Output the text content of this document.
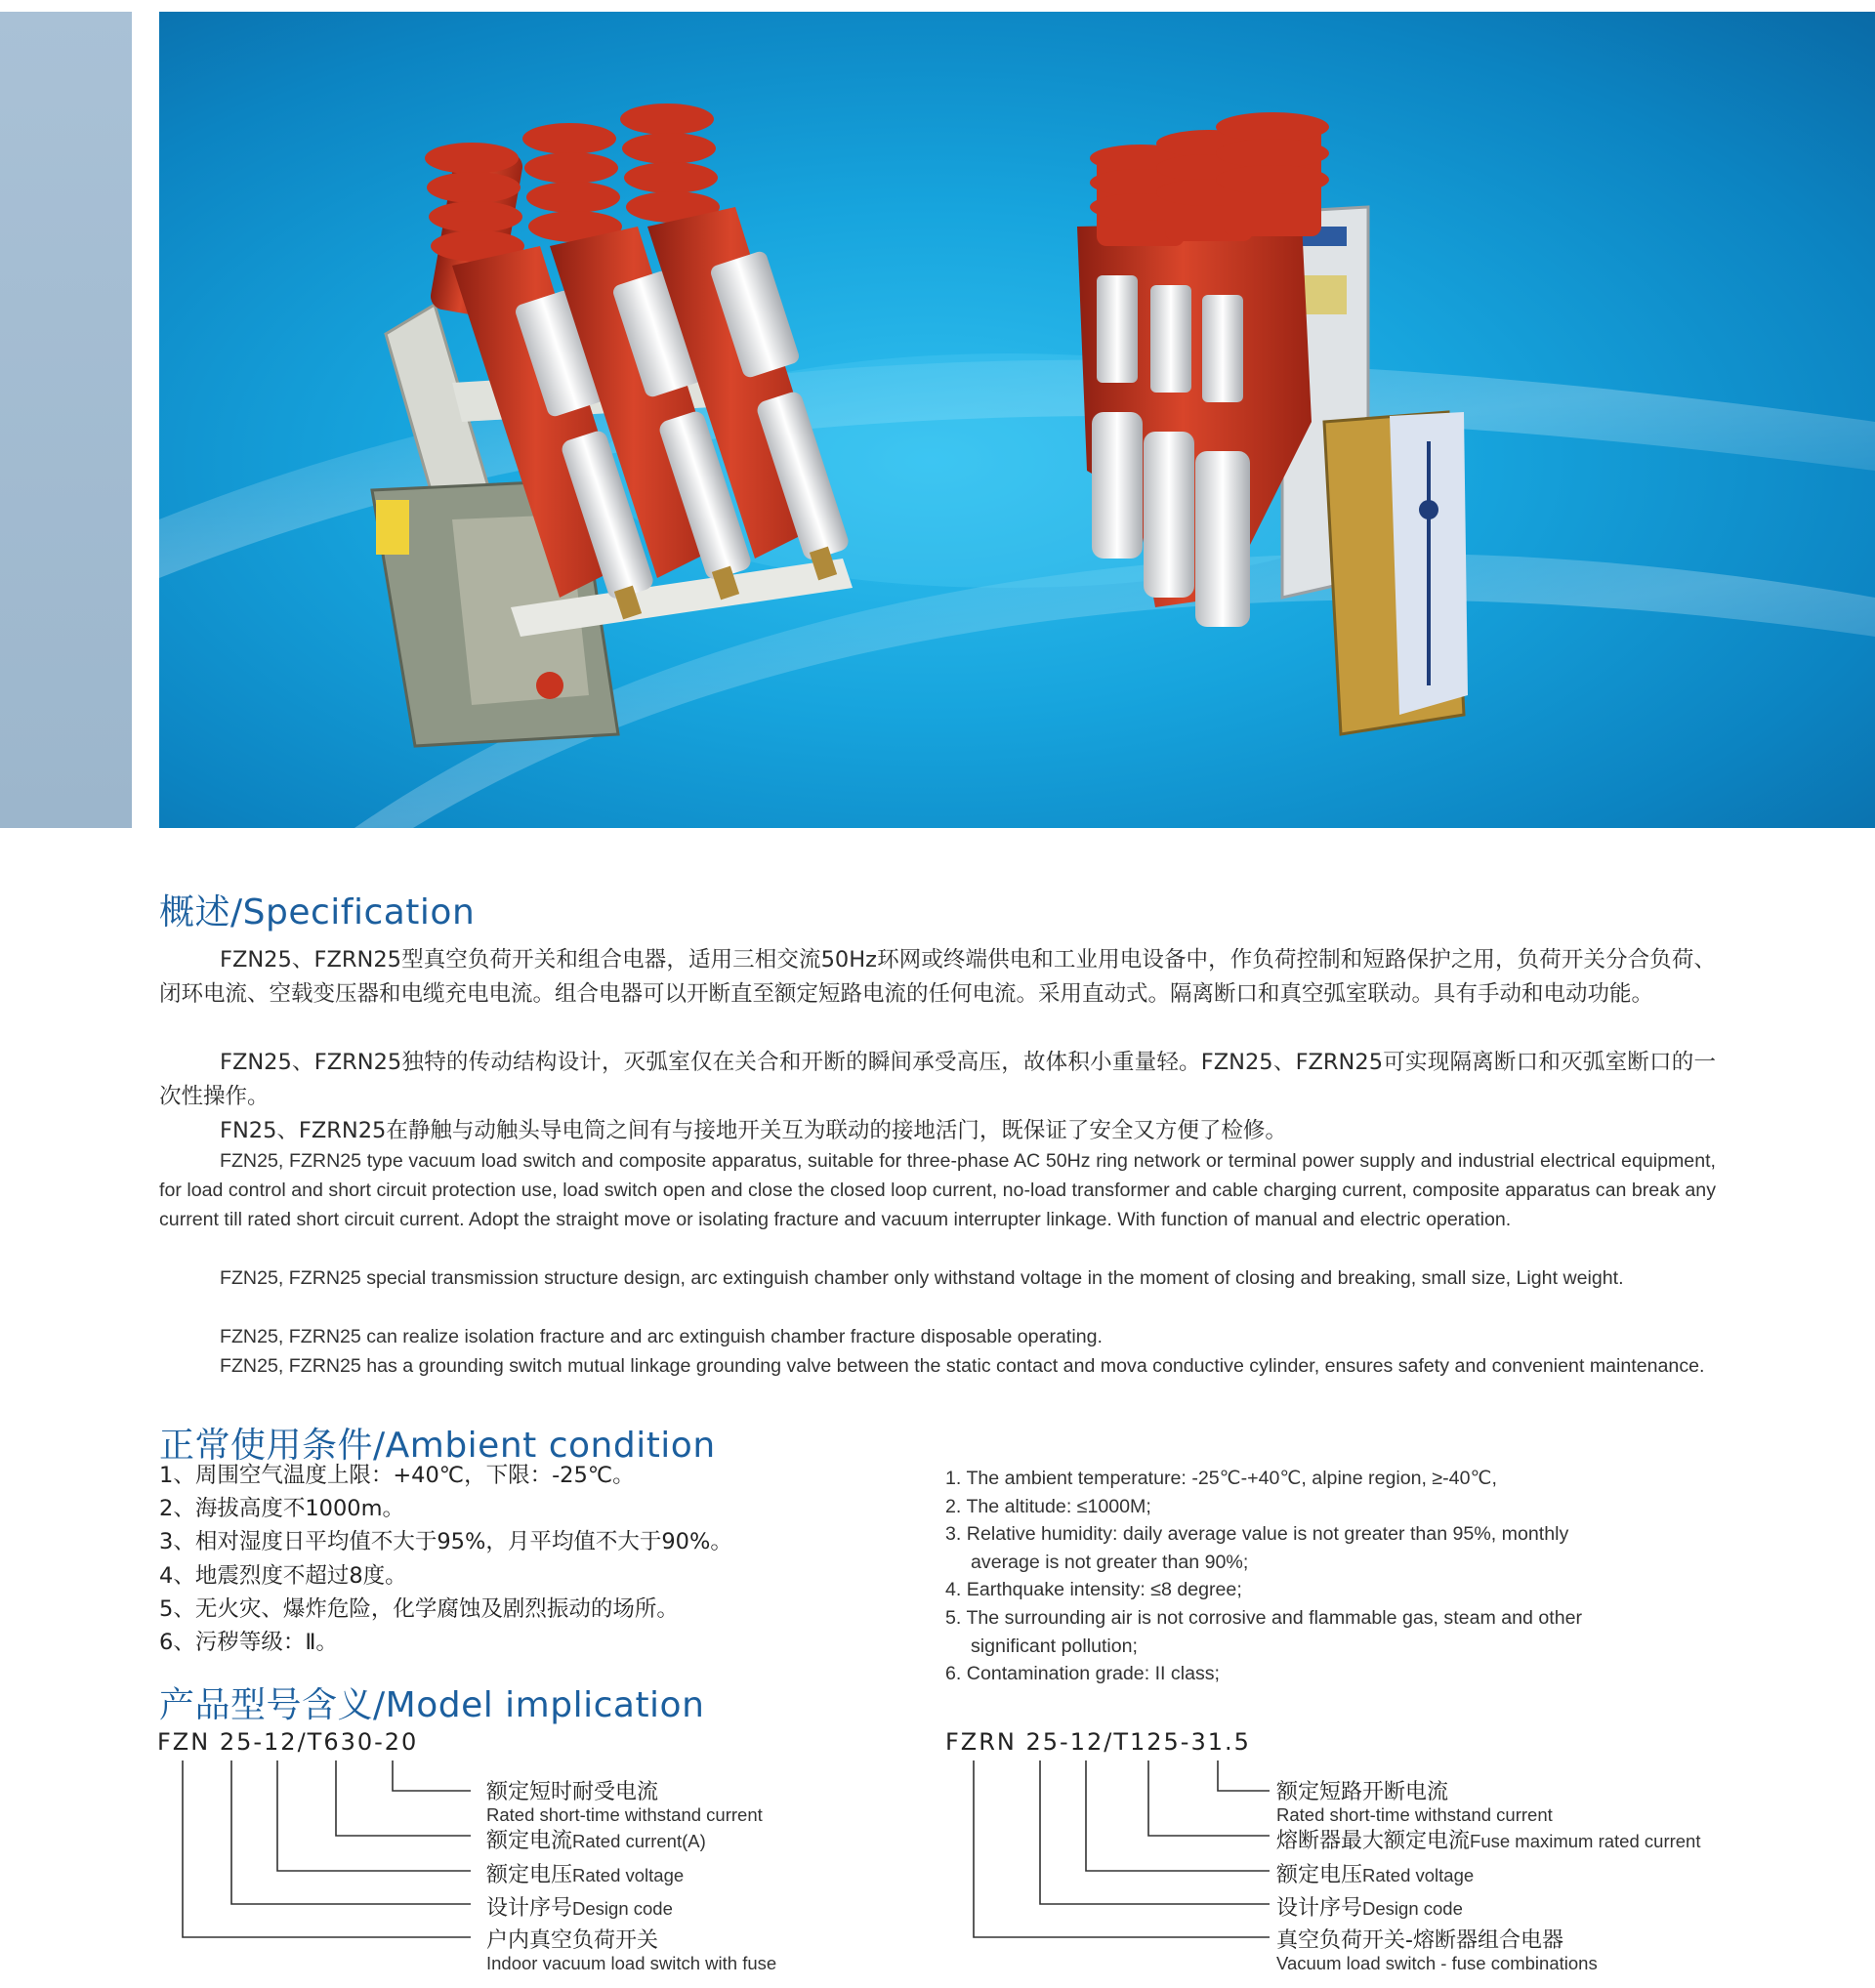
概述/Specification

FZN25、FZRN25型真空负荷开关和组合电器，适用三相交流50Hz环网或终端供电和工业用电设备中，作负荷控制和短路保护之用，负荷开关分合负荷、闭环电流、空载变压器和电缆充电电流。组合电器可以开断直至额定短路电流的任何电流。采用直动式。隔离断口和真空弧室联动。具有手动和电动功能。

FZN25、FZRN25独特的传动结构设计，灭弧室仅在关合和开断的瞬间承受高压，故体积小重量轻。FZN25、FZRN25可实现隔离断口和灭弧室断口的一次性操作。

FN25、FZRN25在静触与动触头导电筒之间有与接地开关互为联动的接地活门，既保证了安全又方便了检修。

FZN25, FZRN25 type vacuum load switch and composite apparatus, suitable for three-phase AC 50Hz ring network or terminal power supply and industrial electrical equipment, for load control and short circuit protection use, load switch open and close the closed loop current, no-load transformer and cable charging current, composite apparatus can break any current till rated short circuit current. Adopt the straight move or isolating fracture and vacuum interrupter linkage. With function of manual and electric operation.

FZN25, FZRN25 special transmission structure design, arc extinguish chamber only withstand voltage in the moment of closing and breaking, small size, Light weight.

FZN25, FZRN25 can realize isolation fracture and arc extinguish chamber fracture disposable operating.

FZN25, FZRN25 has a grounding switch mutual linkage grounding valve between the static contact and mova conductive cylinder, ensures safety and convenient maintenance.

正常使用条件/Ambient condition
1、周围空气温度上限：+40℃，下限：-25℃。
2、海拔高度不1000m。
3、相对湿度日平均值不大于95%，月平均值不大于90%。
4、地震烈度不超过8度。
5、无火灾、爆炸危险，化学腐蚀及剧烈振动的场所。
6、污秽等级：Ⅱ。
1. The ambient temperature: -25℃-+40℃, alpine region, ≥-40℃,
2. The altitude: ≤1000M;
3. Relative humidity: daily average value is not greater than 95%, monthly
average is not greater than 90%;
4. Earthquake intensity: ≤8 degree;
5. The surrounding air is not corrosive and flammable gas, steam and other
significant pollution;
6. Contamination grade: II class;
产品型号含义/Model implication
FZN 25-12/T630-20	FZRN 25-12/T125-31.5
额定短时耐受电流
Rated short-time withstand current
额定电流Rated current(A)
额定电压Rated voltage
设计序号Design code
户内真空负荷开关
Indoor vacuum load switch with fuse
额定短路开断电流
Rated short-time withstand current
熔断器最大额定电流Fuse maximum rated current
额定电压Rated voltage
设计序号Design code
真空负荷开关-熔断器组合电器
Vacuum load switch - fuse combinations
